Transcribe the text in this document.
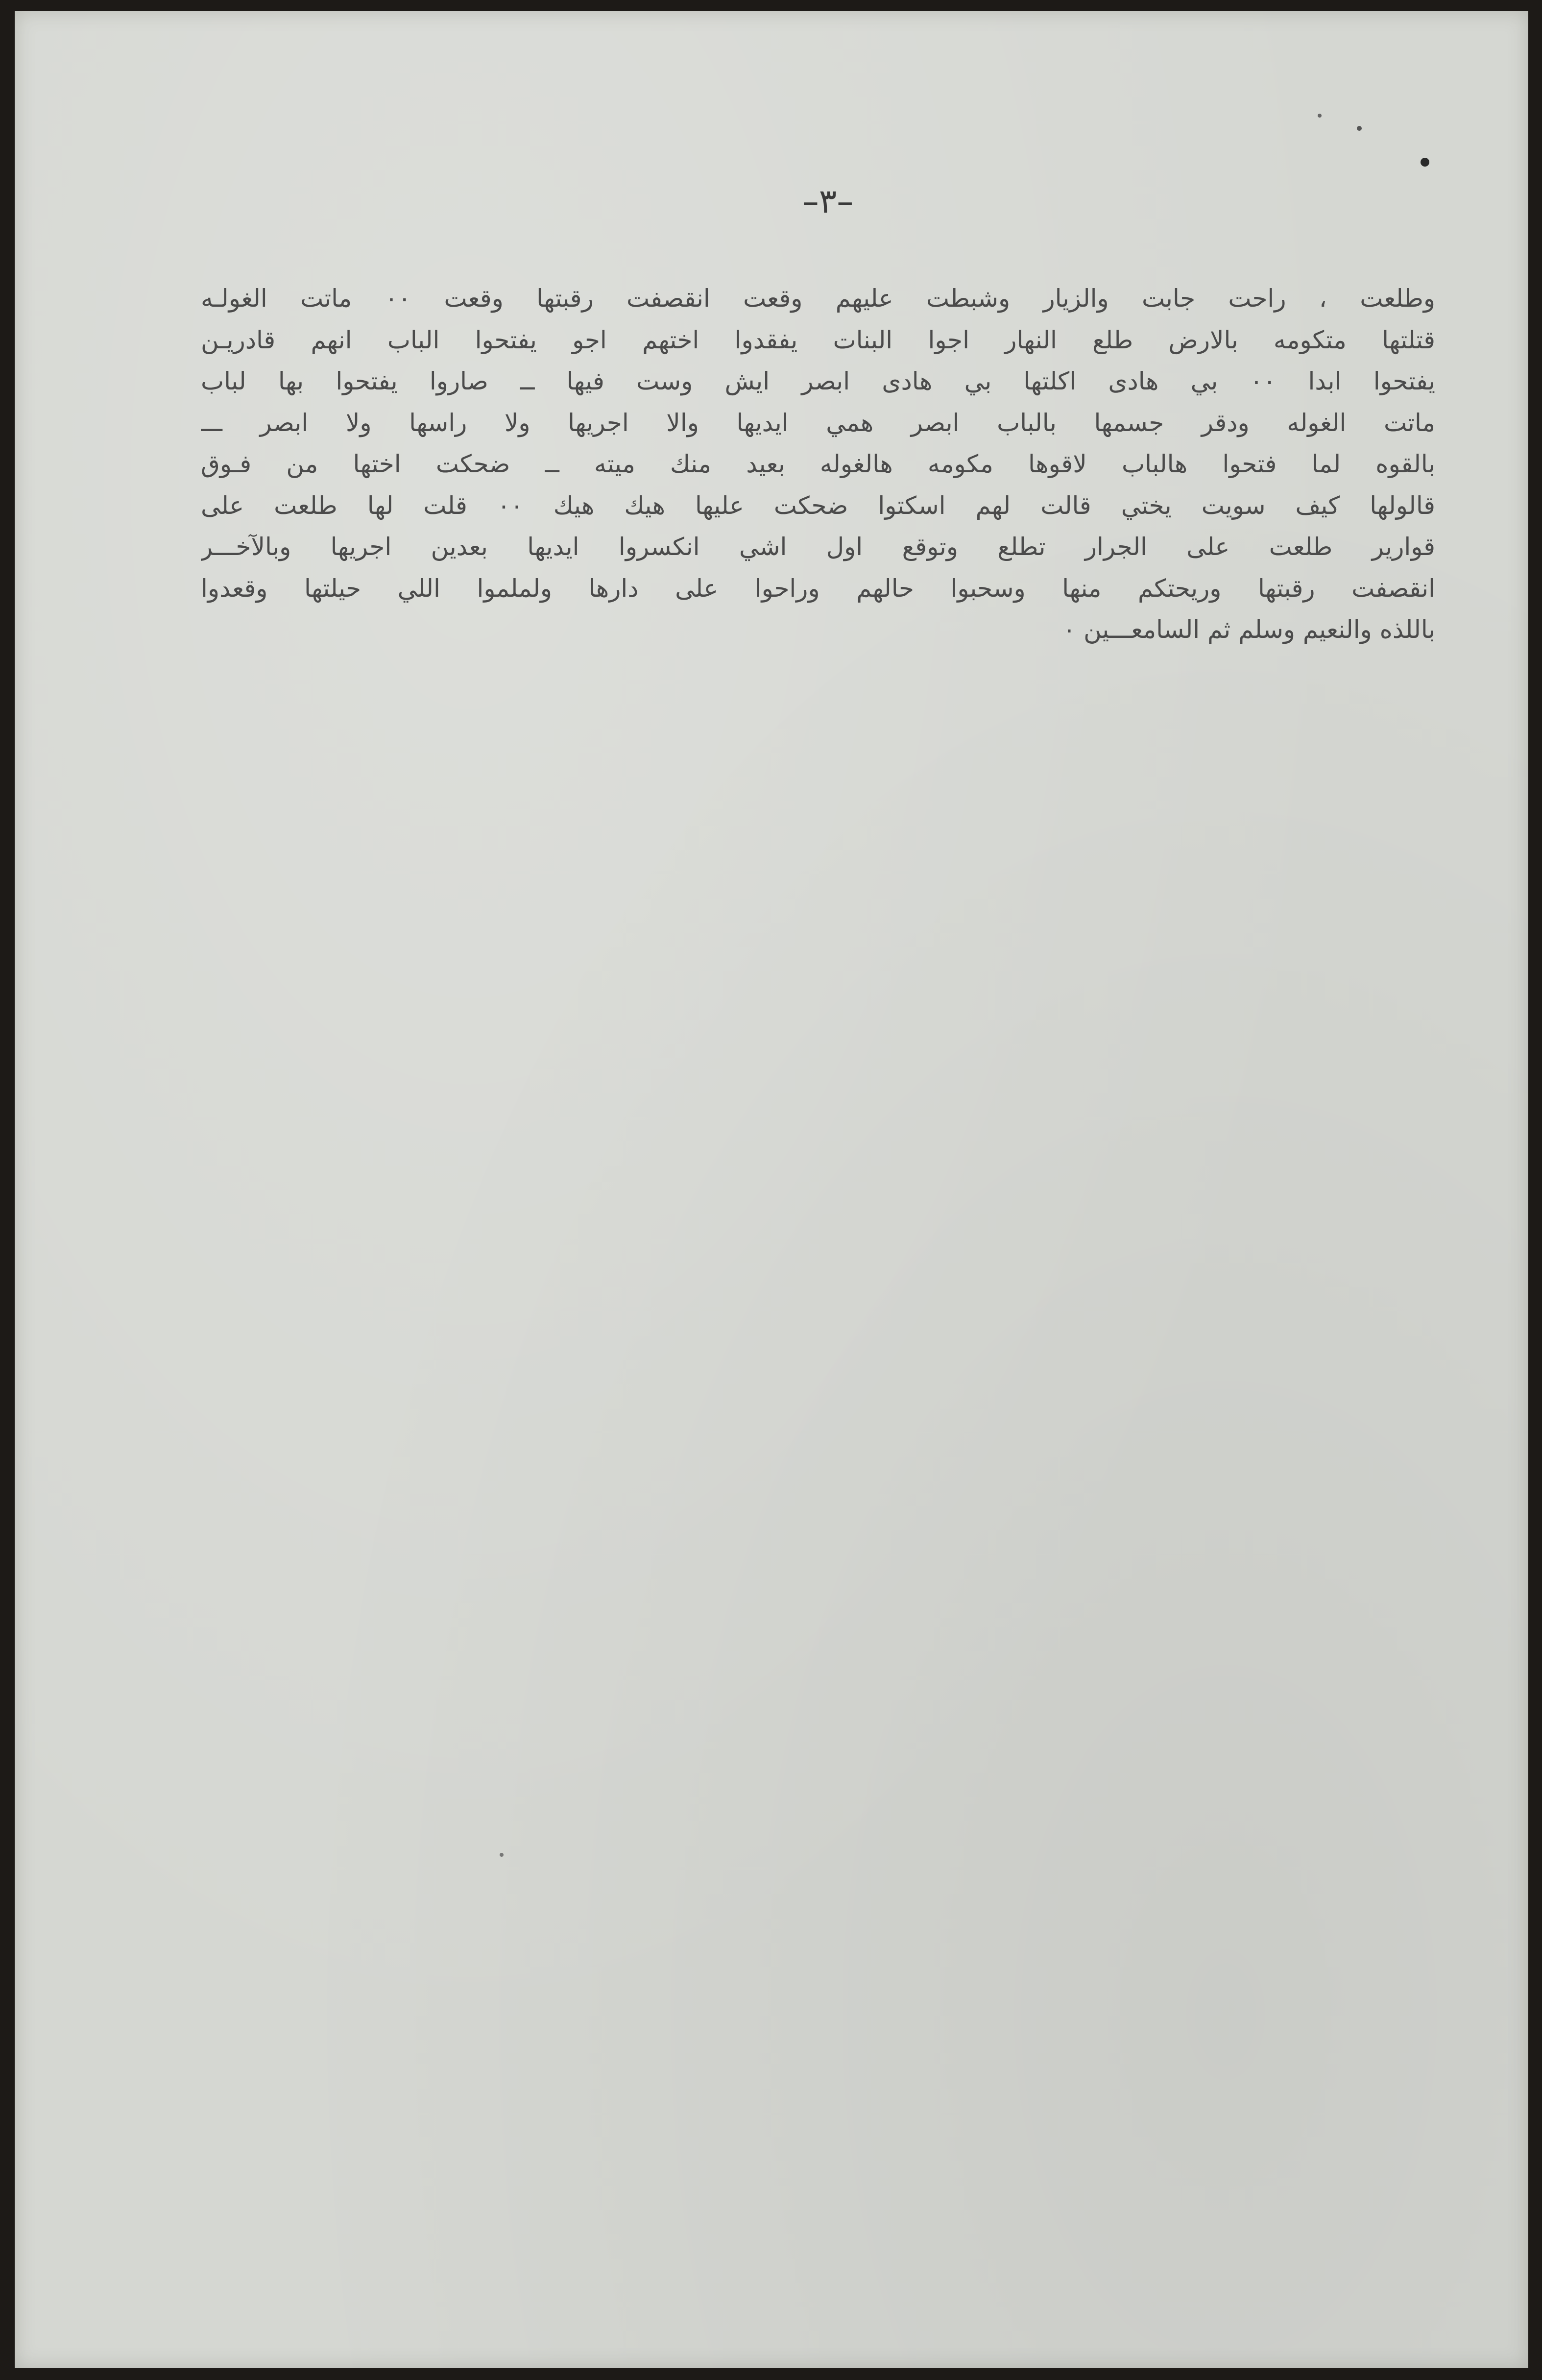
–٣–
وطلعت ، راحت جابت والزيار وشبطت عليهم وقعت انقصفت رقبتها وقعت ٠٠ ماتت الغولـه
قتلتها متكومه بالارض طلع النهار اجوا البنات يفقدوا اختهم اجو يفتحوا الباب انهم قادريـن
يفتحوا ابدا ٠٠ بي هادى اكلتها بي هادى ابصر ايش وست فيها ــ صاروا يفتحوا بها لباب
ماتت الغوله ودقر جسمها بالباب ابصر همي ايديها والا اجريها ولا راسها ولا ابصر ـــ
بالقوه لما فتحوا هالباب لاقوها مكومه هالغوله بعيد منك ميته ــ ضحكت اختها من فـوق
قالولها كيف سويت يختي قالت لهم اسكتوا ضحكت عليها هيك هيك ٠٠ قلت لها طلعت على
قوارير طلعت على الجرار تطلع وتوقع اول اشي انكسروا ايديها بعدين اجريها وبالآخـــر
انقصفت رقبتها وريحتكم منها وسحبوا حالهم وراحوا على دارها ولملموا اللي حيلتها وقعدوا
باللذه والنعيم وسلم ثم السامعـــين ٠
